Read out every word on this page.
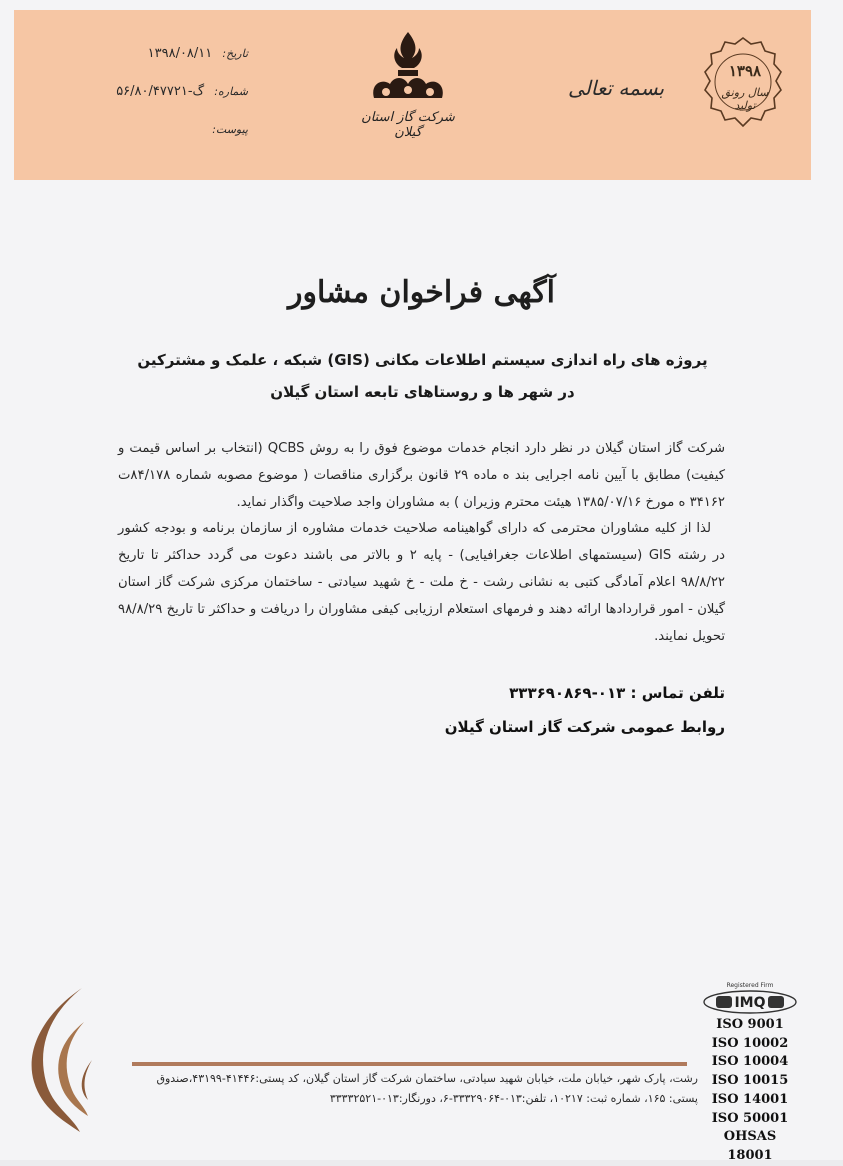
۱۳۹۸
سال رونق تولید
بسمه تعالی
شرکت گاز استان گیلان
تاریخ: ۱۳۹۸/۰۸/۱۱
شماره: گ-۵۶/۸۰/۴۷۷۲۱
پیوست:
آگهی فراخوان مشاور
پروژه های راه اندازی سیستم اطلاعات مکانی (GIS) شبکه ، علمک و مشترکین
در شهر ها و روستاهای تابعه استان گیلان

شرکت گاز استان گیلان در نظر دارد انجام خدمات موضوع فوق را به روش QCBS (انتخاب بر اساس قیمت و کیفیت) مطابق با آیین نامه اجرایی بند ه ماده ۲۹ قانون برگزاری مناقصات ( موضوع مصوبه شماره ۸۴/۱۷۸ت ۳۴۱۶۲ ه مورخ ۱۳۸۵/۰۷/۱۶ هیئت محترم وزیران ) به مشاوران واجد صلاحیت واگذار نماید.

لذا از کلیه مشاوران محترمی که دارای گواهینامه صلاحیت خدمات مشاوره از سازمان برنامه و بودجه کشور در رشته GIS (سیستمهای اطلاعات جغرافیایی) - پایه ۲ و بالاتر می باشند دعوت می گردد حداکثر تا تاریخ ۹۸/۸/۲۲ اعلام آمادگی کتبی به نشانی رشت - خ ملت - خ شهید سیادتی - ساختمان مرکزی شرکت گاز استان گیلان - امور قراردادها ارائه دهند و فرمهای استعلام ارزیابی کیفی مشاوران را دریافت و حداکثر تا تاریخ ۹۸/۸/۲۹ تحویل نمایند.

تلفن تماس : ۰۱۳-۳۳۳۶۹۰۸۶۹
روابط عمومی شرکت گاز استان گیلان
رشت، پارک شهر، خیابان ملت، خیابان شهید سیادتی، ساختمان شرکت گاز استان گیلان، کد پستی:۴۱۴۴۶-۴۳۱۹۹،صندوق
پستی: ۱۶۵، شماره ثبت: ۱۰۲۱۷، تلفن:۰۱۳-۳۳۳۲۹۰۶۴-۶، دورنگار:۰۱۳-۳۳۳۳۲۵۲۱
Registered Firm
IMQ
ISO 9001
ISO 10002
ISO 10004
ISO 10015
ISO 14001
ISO 50001
OHSAS 18001
